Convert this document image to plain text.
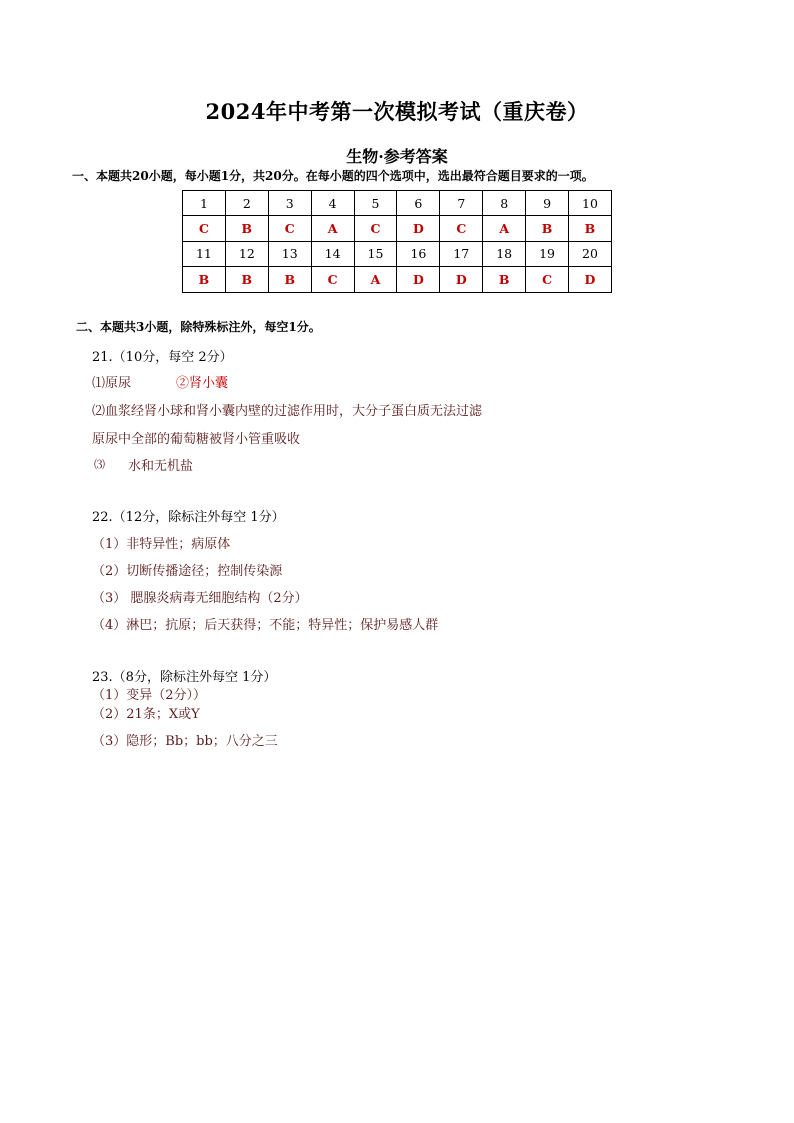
2024年中考第一次模拟考试（重庆卷）
生物·参考答案
一、本题共20小题，每小题1分，共20分。在每小题的四个选项中，选出最符合题目要求的一项。
1	2	3	4	5	6	7	8	9	10
C	B	C	A	C	D	C	A	B	B
11	12	13	14	15	16	17	18	19	20
B	B	B	C	A	D	D	B	C	D
二、本题共3小题，除特殊标注外，每空1分。
21.（10分，每空 2分）
⑴原尿	②肾小囊
⑵血浆经肾小球和肾小囊内壁的过滤作用时，大分子蛋白质无法过滤
原尿中全部的葡萄糖被肾小管重吸收
⑶ 水和无机盐
22.（12分，除标注外每空 1分）
（1）非特异性；病原体
（2）切断传播途径；控制传染源
（3） 腮腺炎病毒无细胞结构（2分）
（4）淋巴；抗原；后天获得；不能；特异性；保护易感人群
23.（8分，除标注外每空 1分）
（1）变异（2分））
（2）21条；X或Y
（3）隐形；Bb；bb；八分之三
